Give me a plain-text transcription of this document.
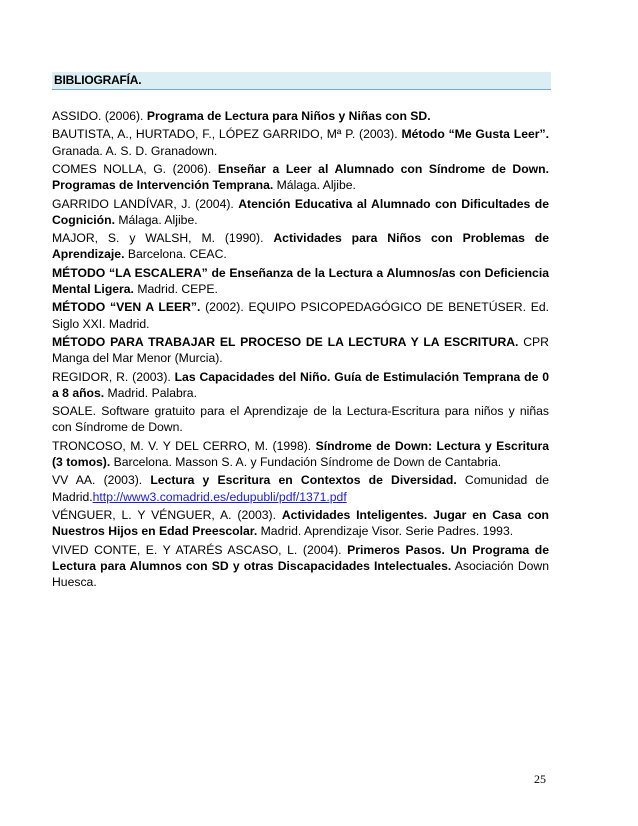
BIBLIOGRAFÍA.

ASSIDO. (2006). Programa de Lectura para Niños y Niñas con SD.

BAUTISTA, A., HURTADO, F., LÓPEZ GARRIDO, Mª P. (2003). Método “Me Gusta Leer”. Granada. A. S. D. Granadown.

COMES NOLLA, G. (2006). Enseñar a Leer al Alumnado con Síndrome de Down. Programas de Intervención Temprana. Málaga. Aljibe.

GARRIDO LANDÍVAR, J. (2004). Atención Educativa al Alumnado con Dificultades de Cognición. Málaga. Aljibe.

MAJOR, S. y WALSH, M. (1990). Actividades para Niños con Problemas de Aprendizaje. Barcelona. CEAC.

MÉTODO “LA ESCALERA” de Enseñanza de la Lectura a Alumnos/as con Deficiencia Mental Ligera. Madrid. CEPE.

MÉTODO “VEN A LEER”. (2002). EQUIPO PSICOPEDAGÓGICO DE BENETÚSER. Ed. Siglo XXI. Madrid.

MÉTODO PARA TRABAJAR EL PROCESO DE LA LECTURA Y LA ESCRITURA. CPR Manga del Mar Menor (Murcia).

REGIDOR, R. (2003). Las Capacidades del Niño. Guía de Estimulación Temprana de 0 a 8 años. Madrid. Palabra.

SOALE. Software gratuito para el Aprendizaje de la Lectura-Escritura para niños y niñas con Síndrome de Down.

TRONCOSO, M. V. Y DEL CERRO, M. (1998). Síndrome de Down: Lectura y Escritura (3 tomos). Barcelona. Masson S. A. y Fundación Síndrome de Down de Cantabria.

VV AA. (2003). Lectura y Escritura en Contextos de Diversidad. Comunidad de Madrid.http://www3.comadrid.es/edupubli/pdf/1371.pdf

VÉNGUER, L. Y VÉNGUER, A. (2003). Actividades Inteligentes. Jugar en Casa con Nuestros Hijos en Edad Preescolar. Madrid. Aprendizaje Visor. Serie Padres. 1993.

VIVED CONTE, E. Y ATARÉS ASCASO, L. (2004). Primeros Pasos. Un Programa de Lectura para Alumnos con SD y otras Discapacidades Intelectuales. Asociación Down Huesca.

25
